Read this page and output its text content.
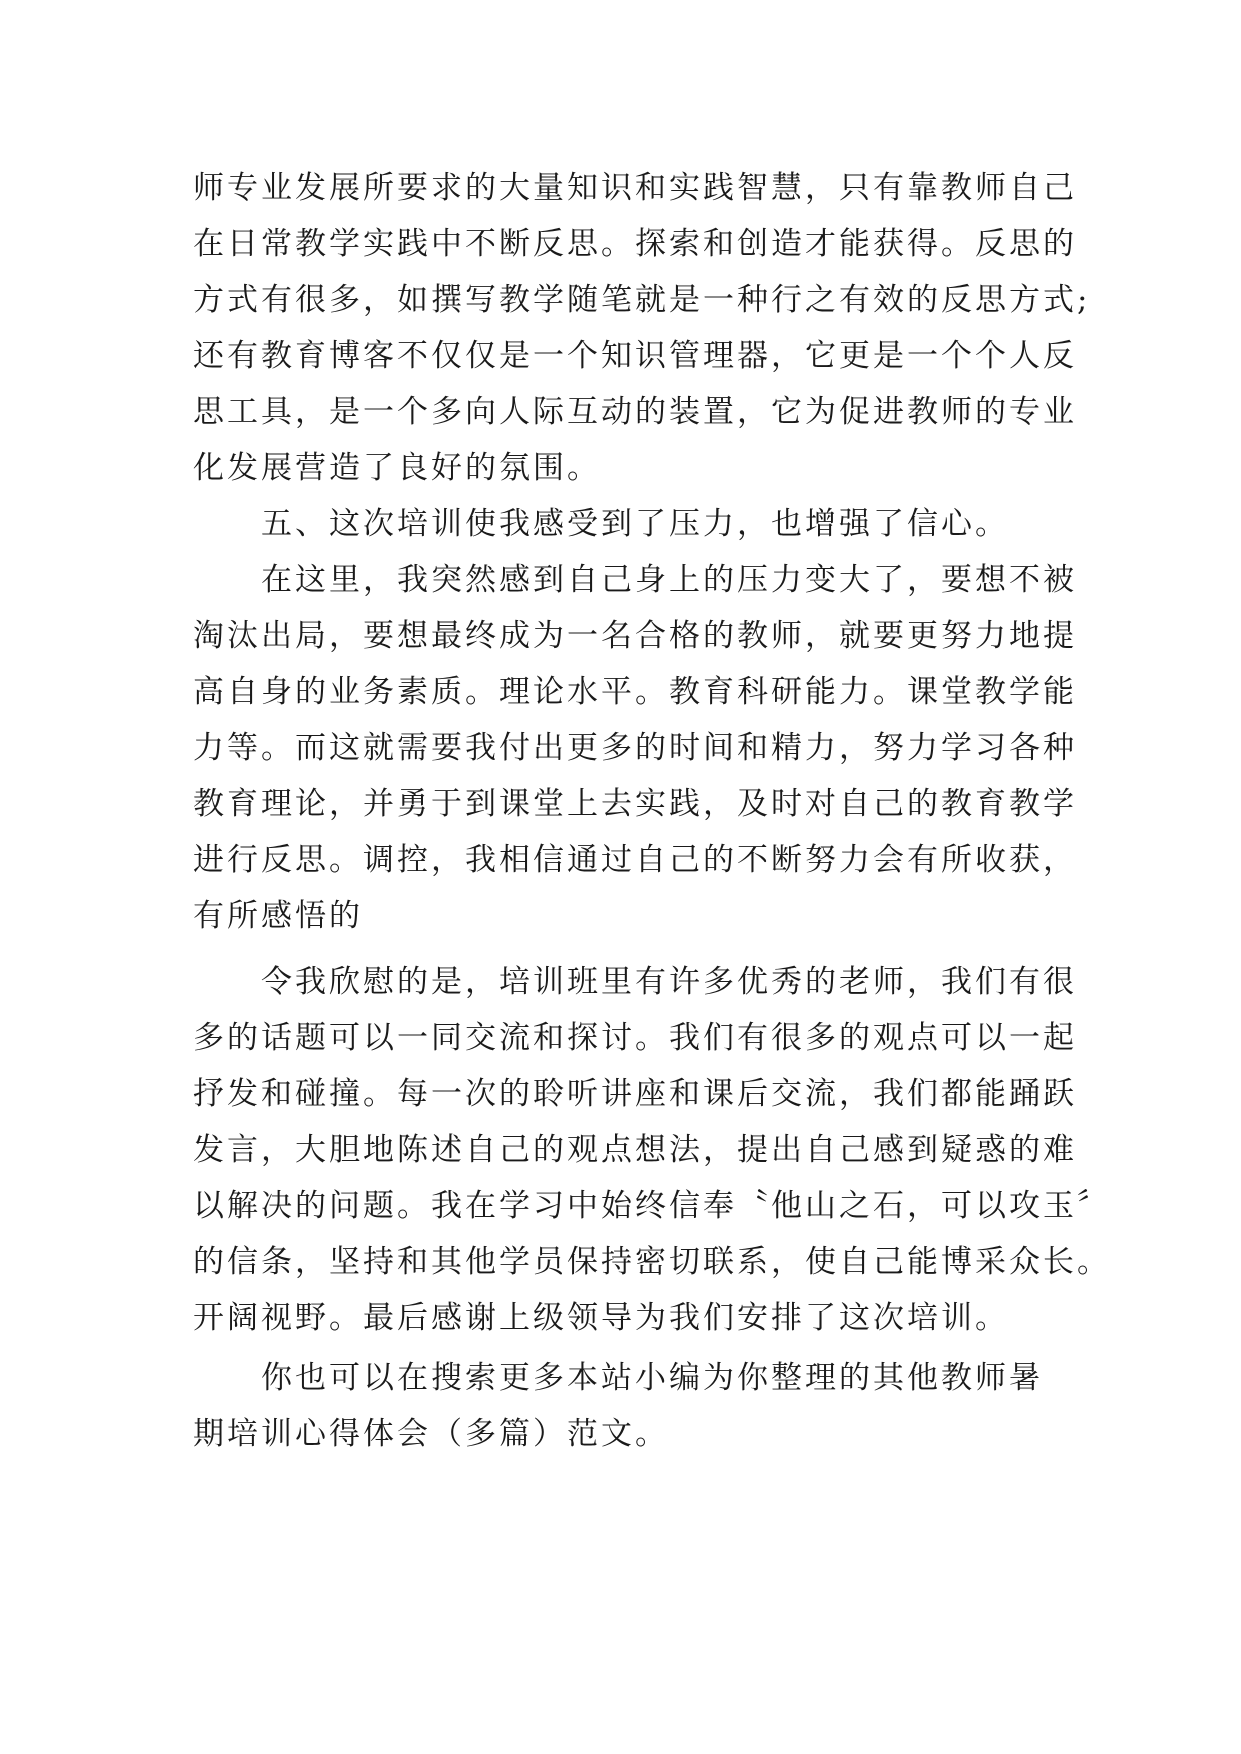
师专业发展所要求的大量知识和实践智慧，只有靠教师自己
在日常教学实践中不断反思。探索和创造才能获得。反思的
方式有很多，如撰写教学随笔就是一种行之有效的反思方式;
还有教育博客不仅仅是一个知识管理器，它更是一个个人反
思工具，是一个多向人际互动的装置，它为促进教师的专业
化发展营造了良好的氛围。
　　五、这次培训使我感受到了压力，也增强了信心。
　　在这里，我突然感到自己身上的压力变大了，要想不被
淘汰出局，要想最终成为一名合格的教师，就要更努力地提
高自身的业务素质。理论水平。教育科研能力。课堂教学能
力等。而这就需要我付出更多的时间和精力，努力学习各种
教育理论，并勇于到课堂上去实践，及时对自己的教育教学
进行反思。调控，我相信通过自己的不断努力会有所收获，
有所感悟的
　　令我欣慰的是，培训班里有许多优秀的老师，我们有很
多的话题可以一同交流和探讨。我们有很多的观点可以一起
抒发和碰撞。每一次的聆听讲座和课后交流，我们都能踊跃
发言，大胆地陈述自己的观点想法，提出自己感到疑惑的难
以解决的问题。我在学习中始终信奉〝他山之石，可以攻玉〞
的信条，坚持和其他学员保持密切联系，使自己能博采众长。
开阔视野。最后感谢上级领导为我们安排了这次培训。
　　你也可以在搜索更多本站小编为你整理的其他教师暑
期培训心得体会（多篇）范文。
